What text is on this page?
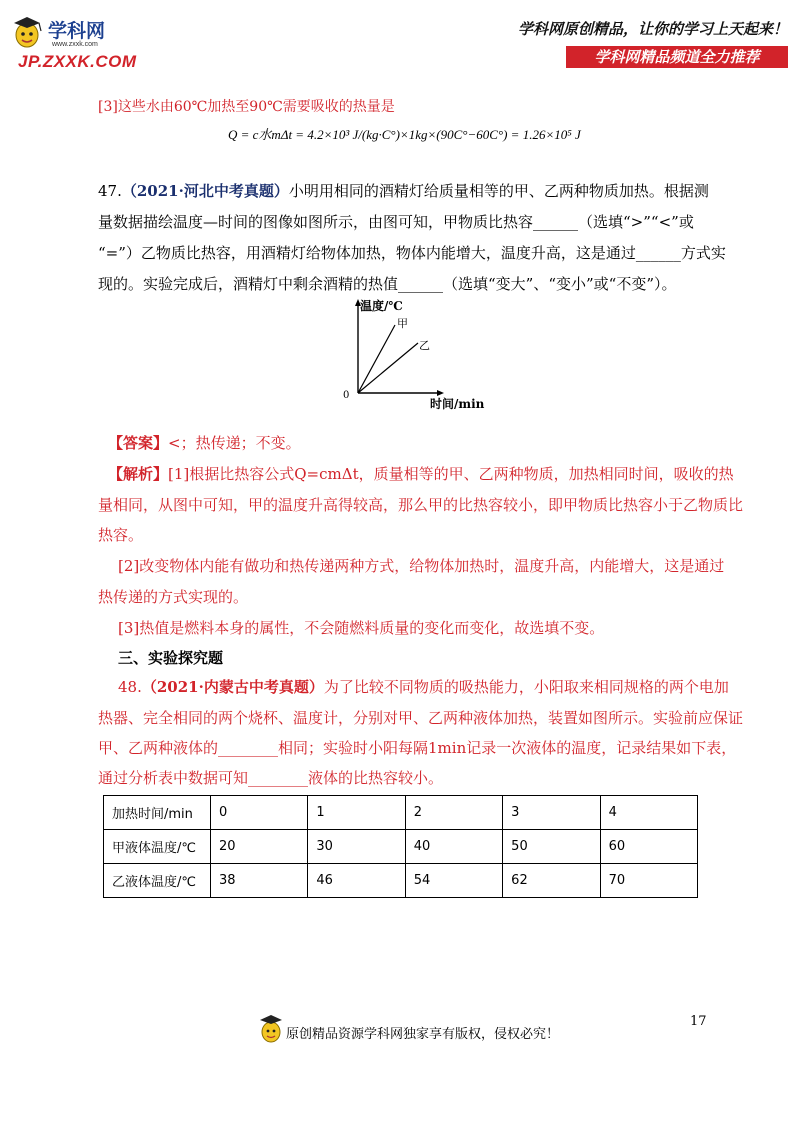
学科网
www.zxxk.com
JP.ZXXK.COM
学科网原创精品，让你的学习上天起来！
学科网精品频道全力推荐
[3]这些水由60℃加热至90℃需要吸收的热量是
Q = c水mΔt = 4.2×10³ J/(kg·C°)×1kg×(90C°−60C°) = 1.26×10⁵ J
47.（2021·河北中考真题）小明用相同的酒精灯给质量相等的甲、乙两种物质加热。根据测
量数据描绘温度—时间的图像如图所示，由图可知，甲物质比热容______（选填“>”“<”或
“=”）乙物质比热容，用酒精灯给物体加热，物体内能增大，温度升高，这是通过______方式实
现的。实验完成后，酒精灯中剩余酒精的热值______（选填“变大”、“变小”或“不变”）。
温度/℃
甲
乙
0
时间/min
【答案】<；热传递；不变。
【解析】[1]根据比热容公式Q=cmΔt，质量相等的甲、乙两种物质，加热相同时间，吸收的热
量相同，从图中可知，甲的温度升高得较高，那么甲的比热容较小，即甲物质比热容小于乙物质比
热容。
[2]改变物体内能有做功和热传递两种方式，给物体加热时，温度升高，内能增大，这是通过
热传递的方式实现的。
[3]热值是燃料本身的属性，不会随燃料质量的变化而变化，故选填不变。
三、实验探究题
48.（2021·内蒙古中考真题）为了比较不同物质的吸热能力，小阳取来相同规格的两个电加
热器、完全相同的两个烧杯、温度计，分别对甲、乙两种液体加热，装置如图所示。实验前应保证
甲、乙两种液体的________相同；实验时小阳每隔1min记录一次液体的温度，记录结果如下表，
通过分析表中数据可知________液体的比热容较小。
加热时间/min	0	1	2	3	4
甲液体温度/℃	20	30	40	50	60
乙液体温度/℃	38	46	54	62	70
17
原创精品资源学科网独家享有版权，侵权必究！
